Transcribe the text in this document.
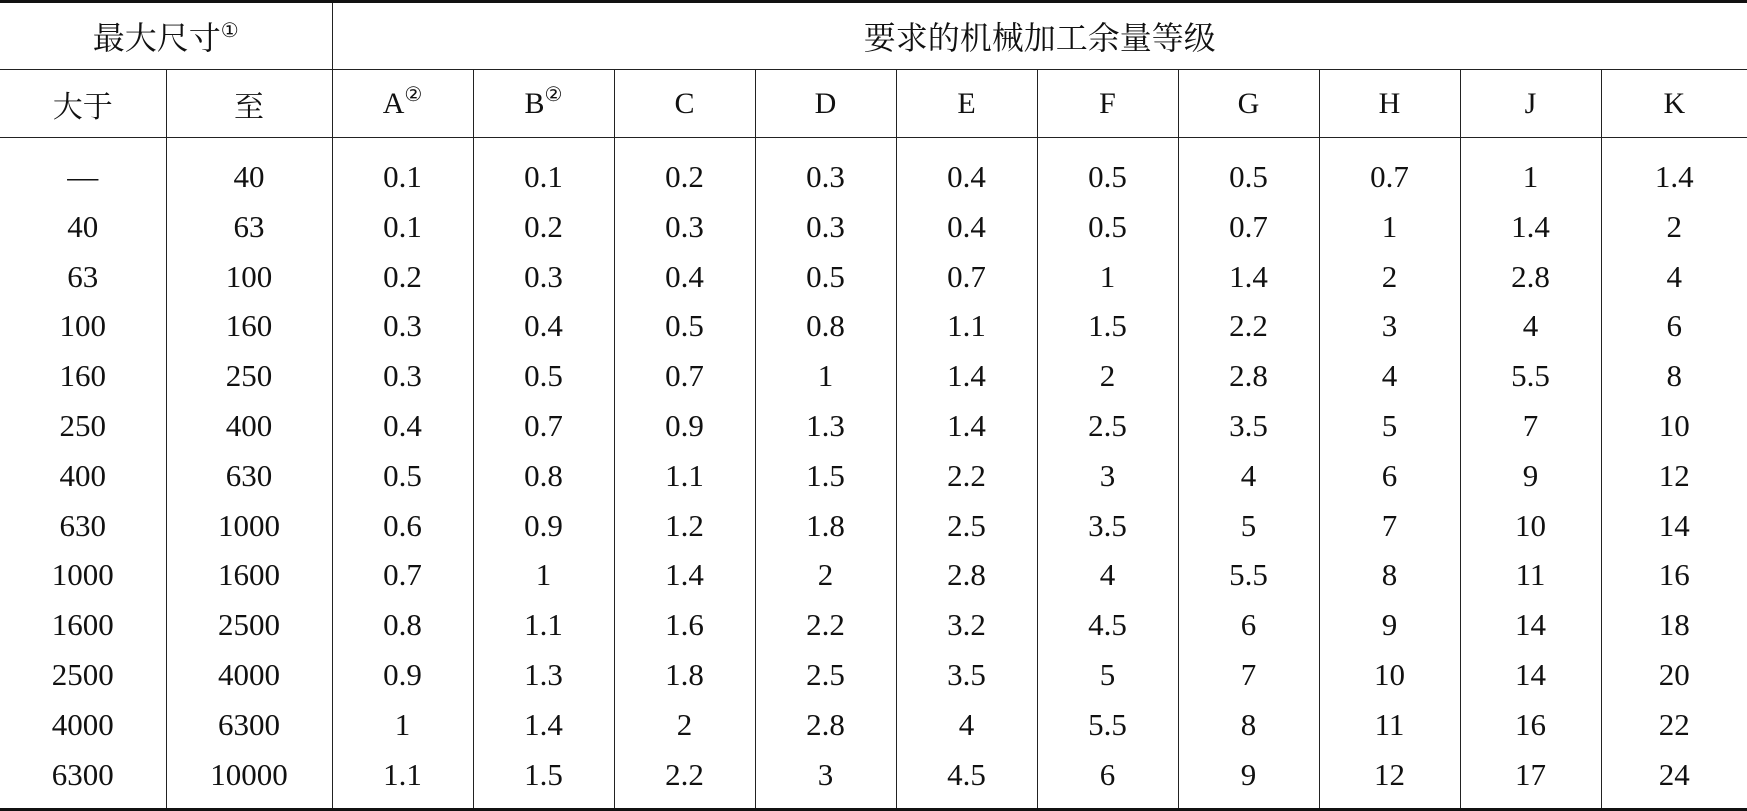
最大尺寸①		要求的机械加工余量等级									
大于	至	A②	B②	C	D	E	F	G	H	J	K
—	40	0.1	0.1	0.2	0.3	0.4	0.5	0.5	0.7	1	1.4
40	63	0.1	0.2	0.3	0.3	0.4	0.5	0.7	1	1.4	2
63	100	0.2	0.3	0.4	0.5	0.7	1	1.4	2	2.8	4
100	160	0.3	0.4	0.5	0.8	1.1	1.5	2.2	3	4	6
160	250	0.3	0.5	0.7	1	1.4	2	2.8	4	5.5	8
250	400	0.4	0.7	0.9	1.3	1.4	2.5	3.5	5	7	10
400	630	0.5	0.8	1.1	1.5	2.2	3	4	6	9	12
630	1000	0.6	0.9	1.2	1.8	2.5	3.5	5	7	10	14
1000	1600	0.7	1	1.4	2	2.8	4	5.5	8	11	16
1600	2500	0.8	1.1	1.6	2.2	3.2	4.5	6	9	14	18
2500	4000	0.9	1.3	1.8	2.5	3.5	5	7	10	14	20
4000	6300	1	1.4	2	2.8	4	5.5	8	11	16	22
6300	10000	1.1	1.5	2.2	3	4.5	6	9	12	17	24
